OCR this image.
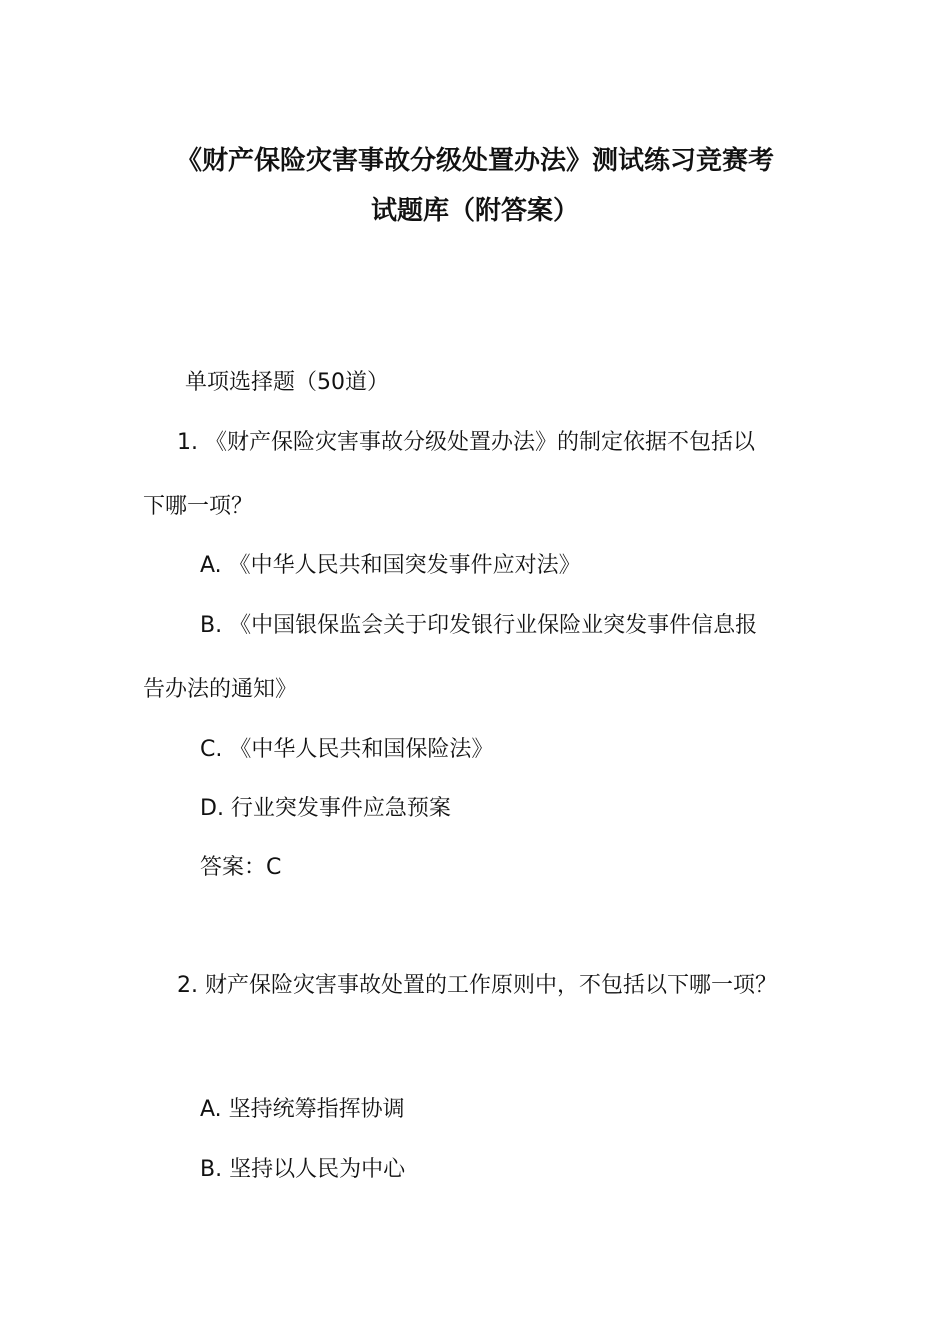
《财产保险灾害事故分级处置办法》测试练习竞赛考
试题库（附答案）
单项选择题（50道）
1. 《财产保险灾害事故分级处置办法》的制定依据不包括以
下哪一项？
A. 《中华人民共和国突发事件应对法》
B. 《中国银保监会关于印发银行业保险业突发事件信息报
告办法的通知》
C. 《中华人民共和国保险法》
D. 行业突发事件应急预案
答案：C
2. 财产保险灾害事故处置的工作原则中，不包括以下哪一项？
A. 坚持统筹指挥协调
B. 坚持以人民为中心
